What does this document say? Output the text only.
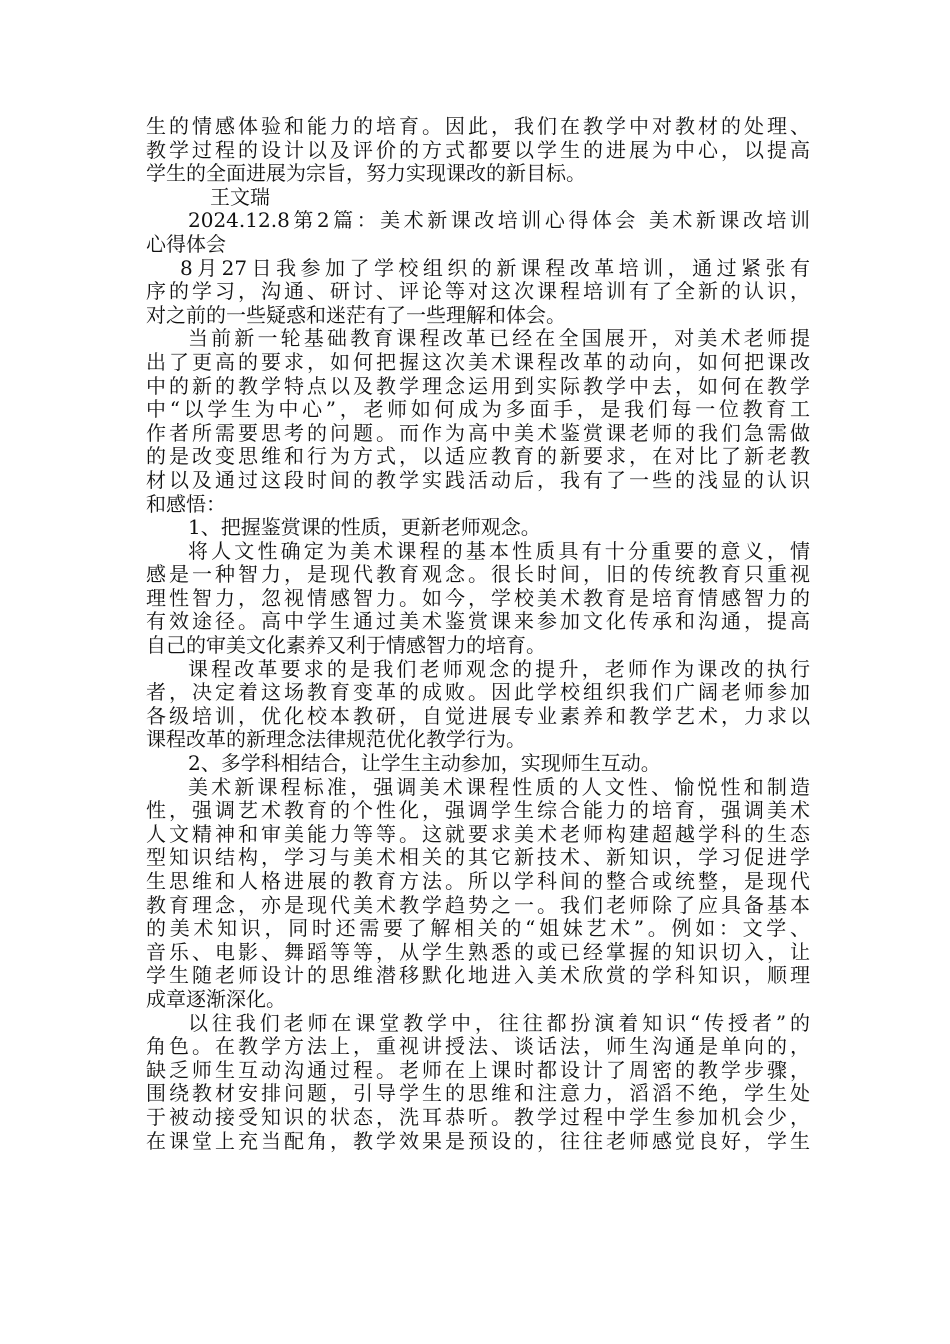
生的情感体验和能力的培育。因此，我们在教学中对教材的处理、
教学过程的设计以及评价的方式都要以学生的进展为中心，以提高
学生的全面进展为宗旨，努力实现课改的新目标。
王文瑞
2024.12.8第2篇：美术新课改培训心得体会 美术新课改培训
心得体会
8月27日我参加了学校组织的新课程改革培训，通过紧张有
序的学习，沟通、研讨、评论等对这次课程培训有了全新的认识，
对之前的一些疑惑和迷茫有了一些理解和体会。
当前新一轮基础教育课程改革已经在全国展开，对美术老师提
出了更高的要求，如何把握这次美术课程改革的动向，如何把课改
中的新的教学特点以及教学理念运用到实际教学中去，如何在教学
中“以学生为中心”，老师如何成为多面手，是我们每一位教育工
作者所需要思考的问题。而作为高中美术鉴赏课老师的我们急需做
的是改变思维和行为方式，以适应教育的新要求，在对比了新老教
材以及通过这段时间的教学实践活动后，我有了一些的浅显的认识
和感悟：
1、把握鉴赏课的性质，更新老师观念。
将人文性确定为美术课程的基本性质具有十分重要的意义，情
感是一种智力，是现代教育观念。很长时间，旧的传统教育只重视
理性智力，忽视情感智力。如今，学校美术教育是培育情感智力的
有效途径。高中学生通过美术鉴赏课来参加文化传承和沟通，提高
自己的审美文化素养又利于情感智力的培育。
课程改革要求的是我们老师观念的提升，老师作为课改的执行
者，决定着这场教育变革的成败。因此学校组织我们广阔老师参加
各级培训，优化校本教研，自觉进展专业素养和教学艺术，力求以
课程改革的新理念法律规范优化教学行为。
2、多学科相结合，让学生主动参加，实现师生互动。
美术新课程标准，强调美术课程性质的人文性、愉悦性和制造
性，强调艺术教育的个性化，强调学生综合能力的培育，强调美术
人文精神和审美能力等等。这就要求美术老师构建超越学科的生态
型知识结构，学习与美术相关的其它新技术、新知识，学习促进学
生思维和人格进展的教育方法。所以学科间的整合或统整，是现代
教育理念，亦是现代美术教学趋势之一。我们老师除了应具备基本
的美术知识，同时还需要了解相关的“姐妹艺术”。例如：文学、
音乐、电影、舞蹈等等，从学生熟悉的或已经掌握的知识切入，让
学生随老师设计的思维潜移默化地进入美术欣赏的学科知识，顺理
成章逐渐深化。
以往我们老师在课堂教学中，往往都扮演着知识“传授者”的
角色。在教学方法上，重视讲授法、谈话法，师生沟通是单向的，
缺乏师生互动沟通过程。老师在上课时都设计了周密的教学步骤，
围绕教材安排问题，引导学生的思维和注意力，滔滔不绝，学生处
于被动接受知识的状态，洗耳恭听。教学过程中学生参加机会少，
在课堂上充当配角，教学效果是预设的，往往老师感觉良好，学生
